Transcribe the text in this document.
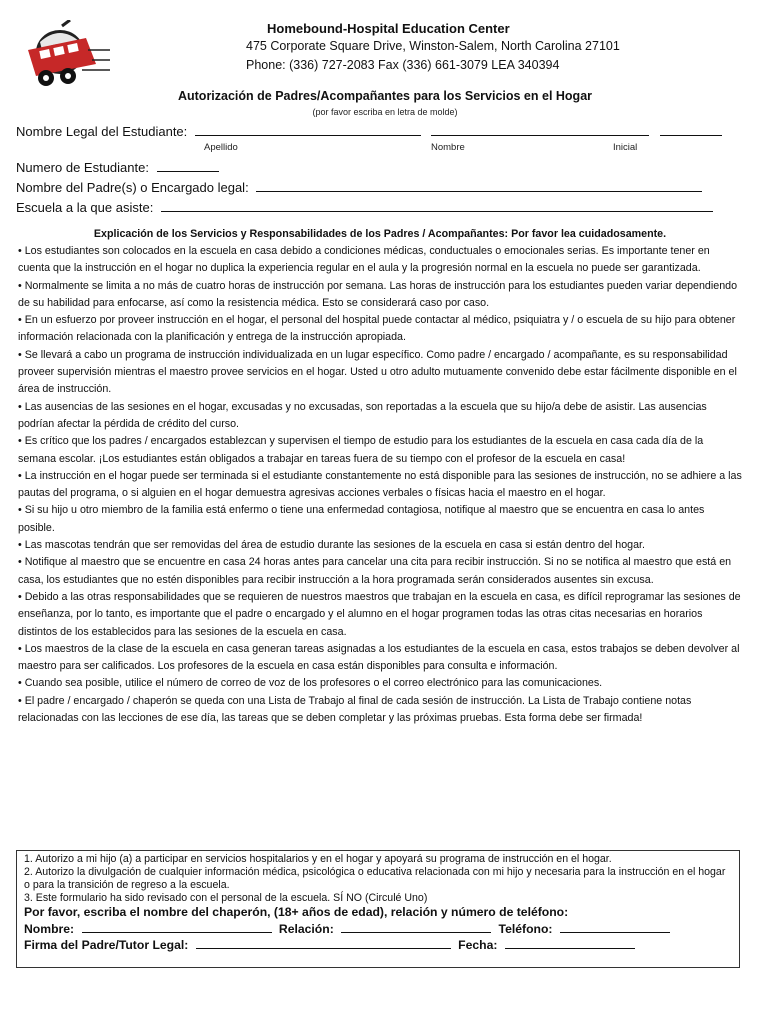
Homebound-Hospital Education Center
475 Corporate Square Drive, Winston-Salem, North Carolina 27101
Phone: (336) 727-2083 Fax (336) 661-3079 LEA 340394
Autorización de Padres/Acompañantes para los Servicios en el Hogar
(por favor escriba en letra de molde)
Nombre Legal del Estudiante:
Apellido	Nombre	Inicial
Numero de Estudiante:
Nombre del Padre(s) o Encargado legal:
Escuela a la que asiste:
Explicación de los Servicios y Responsabilidades de los Padres / Acompañantes: Por favor lea cuidadosamente.

• Los estudiantes son colocados en la escuela en casa debido a condiciones médicas, conductuales o emocionales serias. Es importante tener en cuenta que la instrucción en el hogar no duplica la experiencia regular en el aula y la progresión normal en la escuela no puede ser garantizada.

• Normalmente se limita a no más de cuatro horas de instrucción por semana. Las horas de instrucción para los estudiantes pueden variar dependiendo de su habilidad para enfocarse, así como la resistencia médica. Esto se considerará caso por caso.

• En un esfuerzo por proveer instrucción en el hogar, el personal del hospital puede contactar al médico, psiquiatra y / o escuela de su hijo para obtener información relacionada con la planificación y entrega de la instrucción apropiada.

• Se llevará a cabo un programa de instrucción individualizada en un lugar específico. Como padre / encargado / acompañante, es su responsabilidad proveer supervisión mientras el maestro provee servicios en el hogar. Usted u otro adulto mutuamente convenido debe estar fácilmente disponible en el área de instrucción.

• Las ausencias de las sesiones en el hogar, excusadas y no excusadas, son reportadas a la escuela que su hijo/a debe de asistir. Las ausencias podrían afectar la pérdida de crédito del curso.

• Es crítico que los padres / encargados establezcan y supervisen el tiempo de estudio para los estudiantes de la escuela en casa cada día de la semana escolar. ¡Los estudiantes están obligados a trabajar en tareas fuera de su tiempo con el profesor de la escuela en casa!

• La instrucción en el hogar puede ser terminada si el estudiante constantemente no está disponible para las sesiones de instrucción, no se adhiere a las pautas del programa, o si alguien en el hogar demuestra agresivas acciones verbales o físicas hacia el maestro en el hogar.

• Si su hijo u otro miembro de la familia está enfermo o tiene una enfermedad contagiosa, notifique al maestro que se encuentra en casa lo antes posible.

• Las mascotas tendrán que ser removidas del área de estudio durante las sesiones de la escuela en casa si están dentro del hogar.

• Notifique al maestro que se encuentre en casa 24 horas antes para cancelar una cita para recibir instrucción. Si no se notifica al maestro que está en casa, los estudiantes que no estén disponibles para recibir instrucción a la hora programada serán considerados ausentes sin excusa.

• Debido a las otras responsabilidades que se requieren de nuestros maestros que trabajan en la escuela en casa, es difícil reprogramar las sesiones de enseñanza, por lo tanto, es importante que el padre o encargado y el alumno en el hogar programen todas las otras citas necesarias en horarios distintos de los establecidos para las sesiones de la escuela en casa.

• Los maestros de la clase de la escuela en casa generan tareas asignadas a los estudiantes de la escuela en casa, estos trabajos se deben devolver al maestro para ser calificados. Los profesores de la escuela en casa están disponibles para consulta e información.

• Cuando sea posible, utilice el número de correo de voz de los profesores o el correo electrónico para las comunicaciones.

• El padre / encargado / chaperón se queda con una Lista de Trabajo al final de cada sesión de instrucción. La Lista de Trabajo contiene notas relacionadas con las lecciones de ese día, las tareas que se deben completar y las próximas pruebas. Esta forma debe ser firmada!

1. Autorizo a mi hijo (a) a participar en servicios hospitalarios y en el hogar y apoyará su programa de instrucción en el hogar.
2. Autorizo la divulgación de cualquier información médica, psicológica o educativa relacionada con mi hijo y necesaria para la instrucción en el hogar o para la transición de regreso a la escuela.
3. Este formulario ha sido revisado con el personal de la escuela. SÍ NO (Circulé Uno)
Por favor, escriba el nombre del chaperón, (18+ años de edad), relación y número de teléfono:
Nombre:	Relación:	Teléfono:
Firma del Padre/Tutor Legal:	Fecha:
